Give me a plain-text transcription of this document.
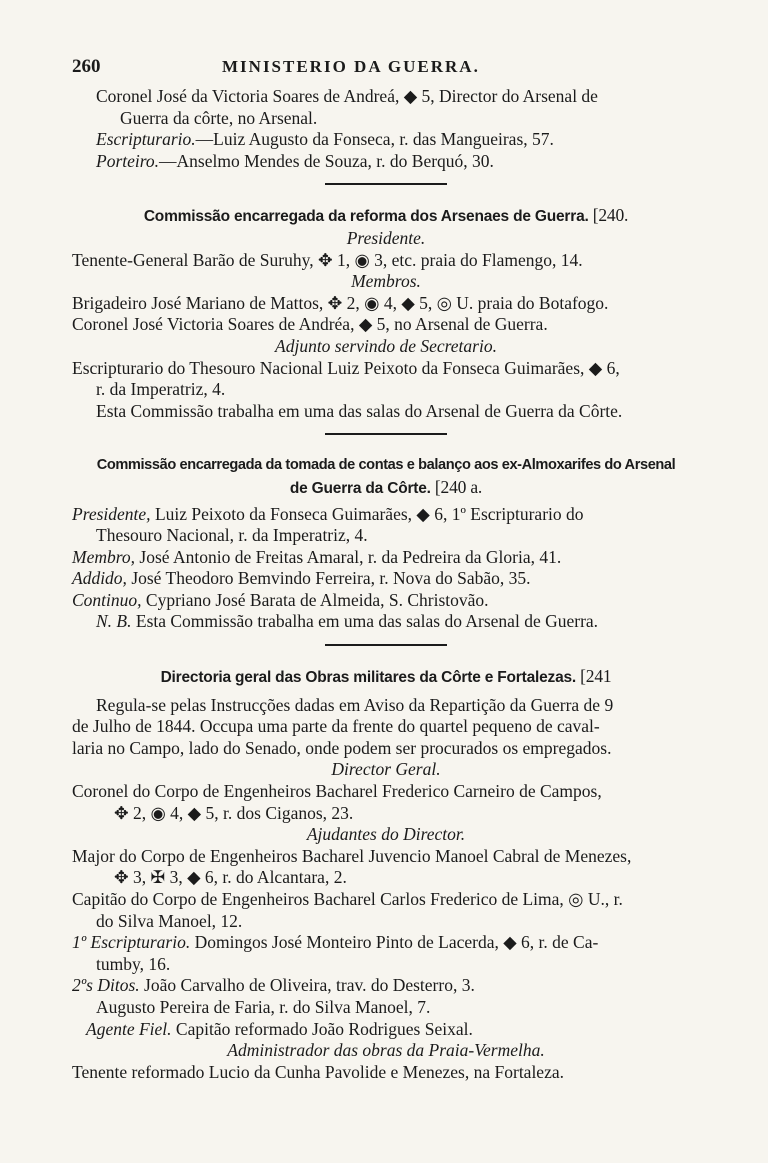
260	MINISTERIO DA GUERRA.
Coronel José da Victoria Soares de Andreá, ◆ 5, Director do Arsenal de
Guerra da côrte, no Arsenal.
Escripturario.—Luiz Augusto da Fonseca, r. das Mangueiras, 57.
Porteiro.—Anselmo Mendes de Souza, r. do Berquó, 30.
Commissão encarregada da reforma dos Arsenaes de Guerra. [240.
Presidente.
Tenente-General Barão de Suruhy, ✥ 1, ◉ 3, etc. praia do Flamengo, 14.
Membros.
Brigadeiro José Mariano de Mattos, ✥ 2, ◉ 4, ◆ 5, ◎ U. praia do Botafogo.
Coronel José Victoria Soares de Andréa, ◆ 5, no Arsenal de Guerra.
Adjunto servindo de Secretario.
Escripturario do Thesouro Nacional Luiz Peixoto da Fonseca Guimarães, ◆ 6,
r. da Imperatriz, 4.
Esta Commissão trabalha em uma das salas do Arsenal de Guerra da Côrte.
Commissão encarregada da tomada de contas e balanço aos ex-Almoxarifes do Arsenal
de Guerra da Côrte. [240 a.
Presidente, Luiz Peixoto da Fonseca Guimarães, ◆ 6, 1º Escripturario do
Thesouro Nacional, r. da Imperatriz, 4.
Membro, José Antonio de Freitas Amaral, r. da Pedreira da Gloria, 41.
Addido, José Theodoro Bemvindo Ferreira, r. Nova do Sabão, 35.
Continuo, Cypriano José Barata de Almeida, S. Christovão.
N. B. Esta Commissão trabalha em uma das salas do Arsenal de Guerra.
Directoria geral das Obras militares da Côrte e Fortalezas. [241
Regula-se pelas Instrucções dadas em Aviso da Repartição da Guerra de 9
de Julho de 1844. Occupa uma parte da frente do quartel pequeno de caval-
laria no Campo, lado do Senado, onde podem ser procurados os empregados.
Director Geral.
Coronel do Corpo de Engenheiros Bacharel Frederico Carneiro de Campos,
✥ 2, ◉ 4, ◆ 5, r. dos Ciganos, 23.
Ajudantes do Director.
Major do Corpo de Engenheiros Bacharel Juvencio Manoel Cabral de Menezes,
✥ 3, ✠ 3, ◆ 6, r. do Alcantara, 2.
Capitão do Corpo de Engenheiros Bacharel Carlos Frederico de Lima, ◎ U., r.
do Silva Manoel, 12.
1º Escripturario. Domingos José Monteiro Pinto de Lacerda, ◆ 6, r. de Ca-
tumby, 16.
2ºs Ditos. João Carvalho de Oliveira, trav. do Desterro, 3.
Augusto Pereira de Faria, r. do Silva Manoel, 7.
Agente Fiel. Capitão reformado João Rodrigues Seixal.
Administrador das obras da Praia-Vermelha.
Tenente reformado Lucio da Cunha Pavolide e Menezes, na Fortaleza.
